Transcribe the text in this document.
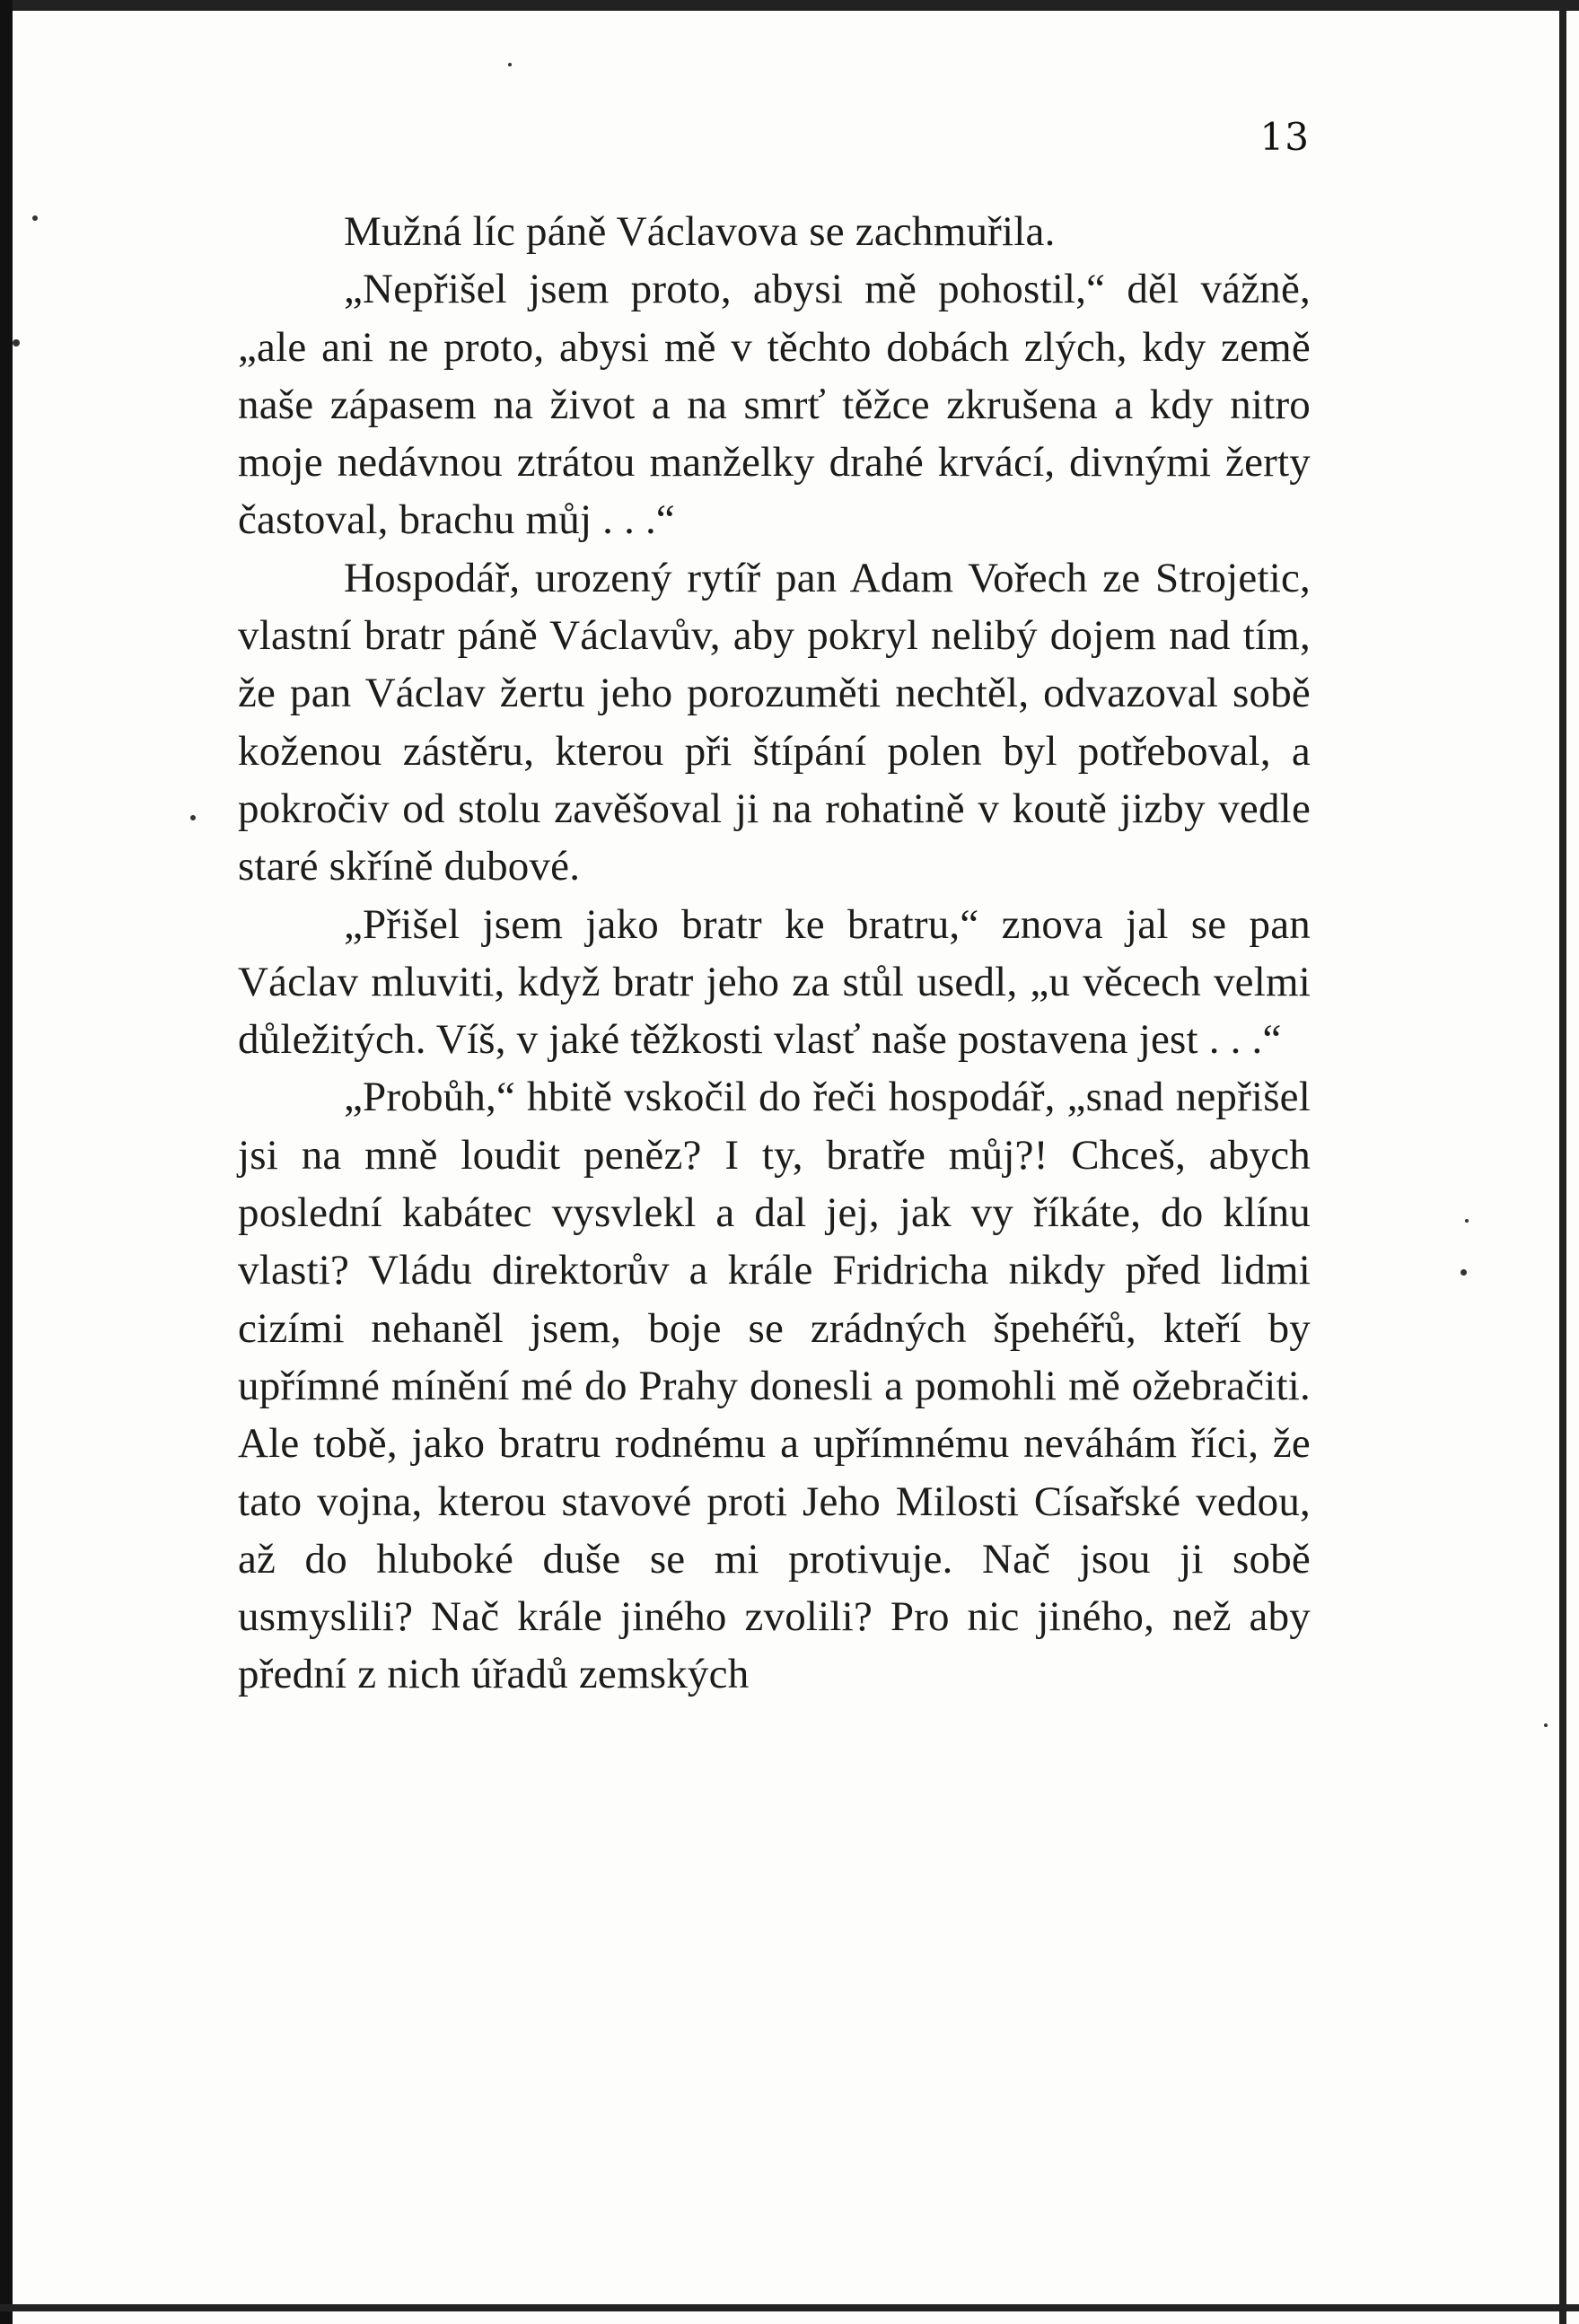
13

Mužná líc páně Václavova se zachmuřila.

„Nepřišel jsem proto, abysi mě pohostil,“ děl vážně, „ale ani ne proto, abysi mě v těchto dobách zlých, kdy země naše zápasem na život a na smrť těžce zkrušena a kdy nitro moje nedávnou ztrátou manželky drahé krvácí, divnými žerty častoval, brachu můj . . .“

Hospodář, urozený rytíř pan Adam Vořech ze Strojetic, vlastní bratr páně Václavův, aby pokryl nelibý dojem nad tím, že pan Václav žertu jeho porozuměti nechtěl, odvazoval sobě koženou zástěru, kterou při štípání polen byl potřeboval, a pokročiv od stolu zavěšoval ji na rohatině v koutě jizby vedle staré skříně dubové.

„Přišel jsem jako bratr ke bratru,“ znova jal se pan Václav mluviti, když bratr jeho za stůl usedl, „u věcech velmi důležitých. Víš, v jaké těžkosti vlasť naše postavena jest . . .“

„Probůh,“ hbitě vskočil do řeči hospodář, „snad nepřišel jsi na mně loudit peněz? I ty, bratře můj?! Chceš, abych poslední kabátec vysvlekl a dal jej, jak vy říkáte, do klínu vlasti? Vládu direktorův a krále Fridricha nikdy před lidmi cizími nehaněl jsem, boje se zrádných špehéřů, kteří by upřímné mínění mé do Prahy donesli a pomohli mě ožebračiti. Ale tobě, jako bratru rodnému a upřímnému neváhám říci, že tato vojna, kterou stavové proti Jeho Milosti Císařské vedou, až do hluboké duše se mi protivuje. Nač jsou ji sobě usmyslili? Nač krále jiného zvolili? Pro nic jiného, než aby přední z nich úřadů zemských
